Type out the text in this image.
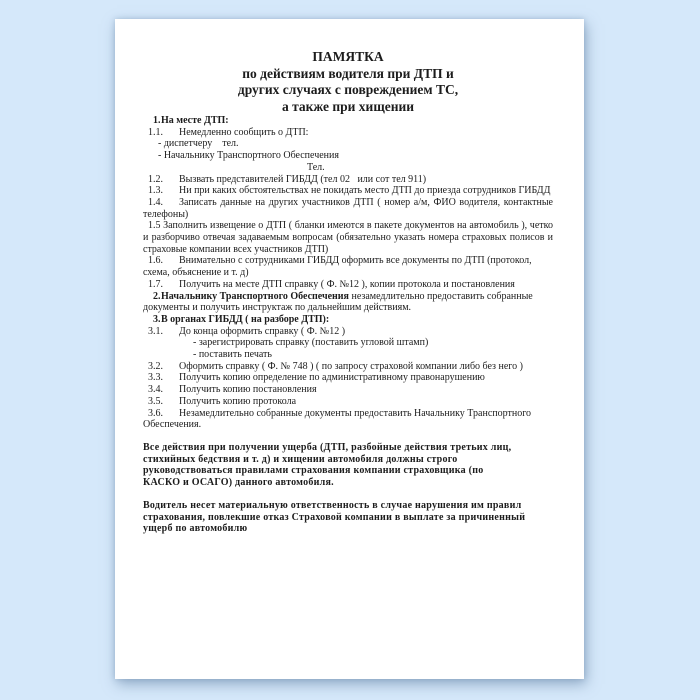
ПАМЯТКА
по действиям водителя при ДТП и
других случаях с повреждением ТС,
а также при хищении

1.На месте ДТП:

1.1. Немедленно сообщить о ДТП:

- диспетчеру    тел.

- Начальнику Транспортного Обеспечения

Тел.

1.2. Вызвать представителей ГИБДД (тел 02   или сот тел 911)

1.3. Ни при каких обстоятельствах не покидать место ДТП до приезда сотрудников ГИБДД

1.4. Записать данные на других участников ДТП ( номер а/м, ФИО водителя, контактные телефоны)

1.5 Заполнить извещение о ДТП ( бланки имеются в пакете документов на автомобиль ), четко и разборчиво отвечая задаваемым вопросам (обязательно указать номера страховых полисов и страховые компании всех участников ДТП)

1.6. Внимательно с сотрудниками ГИБДД оформить все документы по ДТП (протокол, схема, объяснение и т. д)

1.7. Получить на месте ДТП справку ( Ф. №12 ), копии протокола и постановления

2.Начальнику Транспортного Обеспечения незамедлительно предоставить собранные документы и получить инструктаж по дальнейшим действиям.

3.В органах ГИБДД ( на разборе ДТП):

3.1. До конца оформить справку ( Ф. №12 )

- зарегистрировать справку (поставить угловой штамп)

- поставить печать

3.2. Оформить справку ( Ф. № 748 ) ( по запросу страховой компании либо без него )

3.3. Получить копию определение по административному правонарушению

3.4. Получить копию постановления

3.5. Получить копию протокола

3.6. Незамедлительно собранные документы предоставить Начальнику Транспортного Обеспечения.

Все действия при получении ущерба (ДТП, разбойные действия третьих лиц,
стихийных бедствия и т. д) и хищении автомобиля должны строго
руководствоваться правилами страхования компании страховщика (по
КАСКО и ОСАГО) данного автомобиля.
Водитель несет материальную ответственность в случае нарушения им правил
страхования, повлекшие отказ Страховой компании в выплате за причиненный
ущерб по автомобилю
